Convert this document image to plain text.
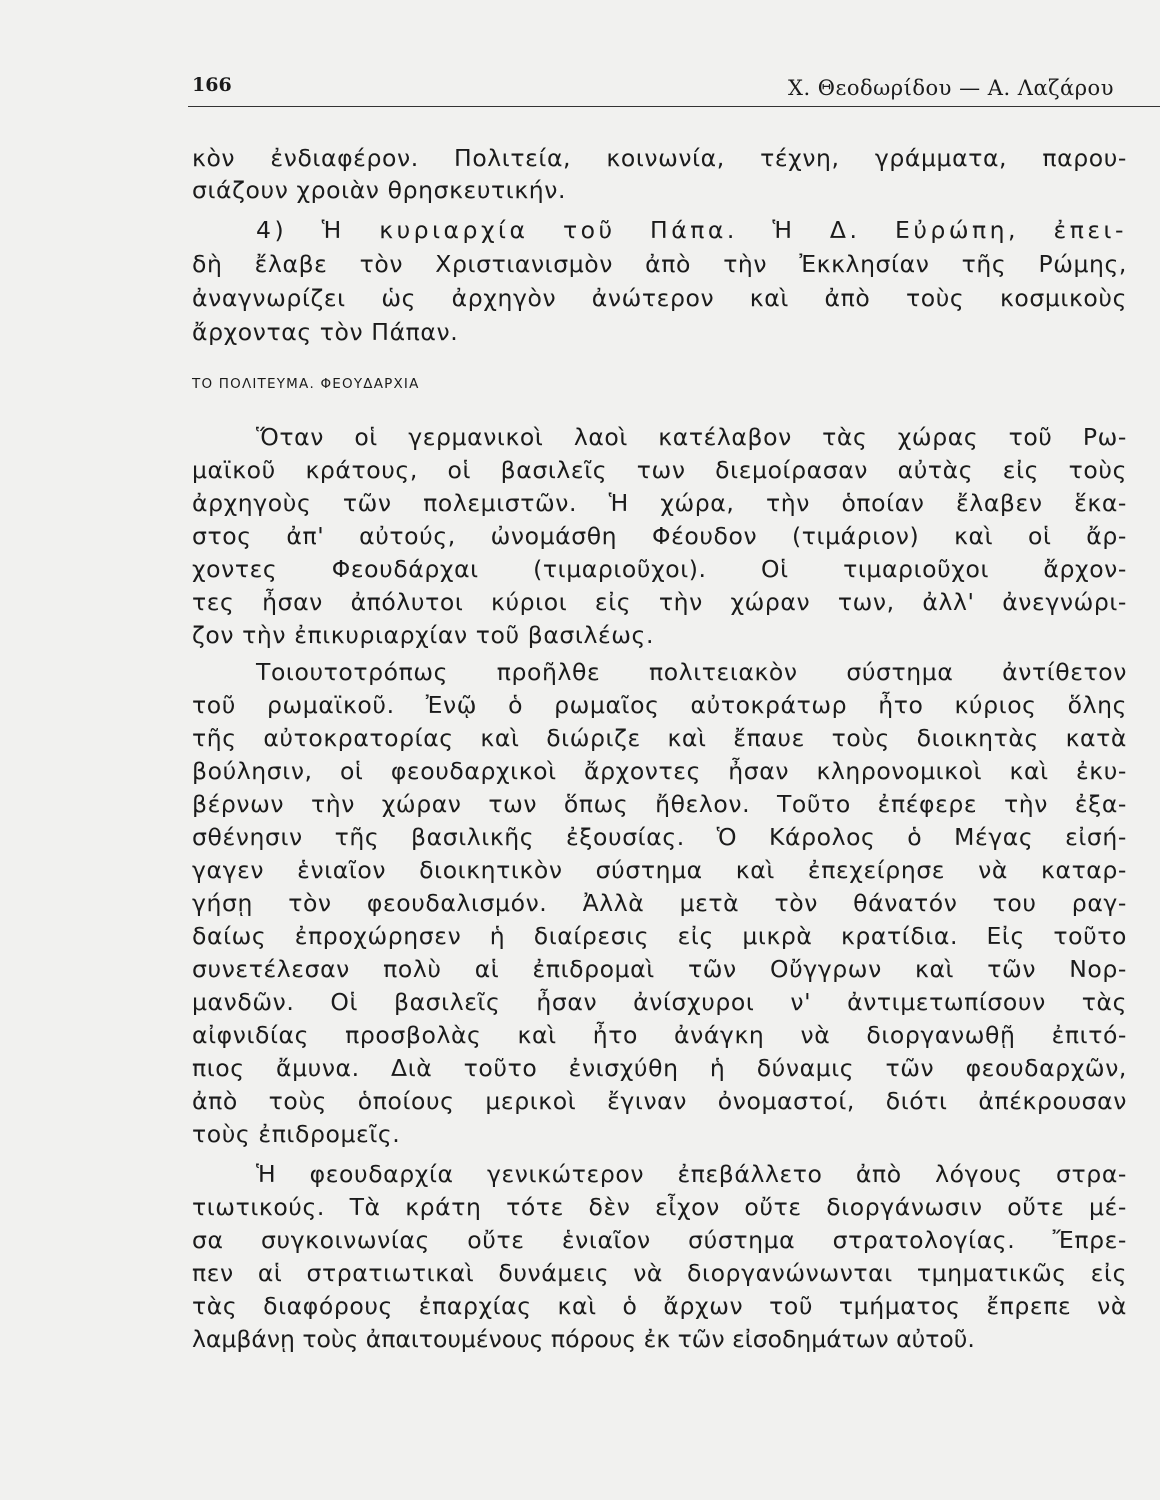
166	Χ. Θεοδωρίδου — Α. Λαζάρου
κὸν ἐνδιαφέρον. Πολιτεία, κοινωνία, τέχνη, γράμματα, παρου-
σιάζουν χροιὰν θρησκευτικήν.
4) Ἡ κυριαρχία τοῦ Πάπα. Ἡ Δ. Εὐρώπη, ἐπει-
δὴ ἔλαβε τὸν Χριστιανισμὸν ἀπὸ τὴν Ἐκκλησίαν τῆς Ρώμης,
ἀναγνωρίζει ὡς ἀρχηγὸν ἀνώτερον καὶ ἀπὸ τοὺς κοσμικοὺς
ἄρχοντας τὸν Πάπαν.
ΤΟ ΠΟΛΙΤΕΥΜΑ. ΦΕΟΥΔΑΡΧΙΑ
Ὅταν οἱ γερμανικοὶ λαοὶ κατέλαβον τὰς χώρας τοῦ Ρω-
μαϊκοῦ κράτους, οἱ βασιλεῖς των διεμοίρασαν αὐτὰς εἰς τοὺς
ἀρχηγοὺς τῶν πολεμιστῶν. Ἡ χώρα, τὴν ὁποίαν ἔλαβεν ἕκα-
στος ἀπ' αὐτούς, ὠνομάσθη Φέουδον (τιμάριον) καὶ οἱ ἄρ-
χοντες Φεουδάρχαι (τιμαριοῦχοι). Οἱ τιμαριοῦχοι ἄρχον-
τες ἦσαν ἀπόλυτοι κύριοι εἰς τὴν χώραν των, ἀλλ' ἀνεγνώρι-
ζον τὴν ἐπικυριαρχίαν τοῦ βασιλέως.
Τοιουτοτρόπως προῆλθε πολιτειακὸν σύστημα ἀντίθετον
τοῦ ρωμαϊκοῦ. Ἐνῷ ὁ ρωμαῖος αὐτοκράτωρ ἦτο κύριος ὅλης
τῆς αὐτοκρατορίας καὶ διώριζε καὶ ἔπαυε τοὺς διοικητὰς κατὰ
βούλησιν, οἱ φεουδαρχικοὶ ἄρχοντες ἦσαν κληρονομικοὶ καὶ ἐκυ-
βέρνων τὴν χώραν των ὅπως ἤθελον. Τοῦτο ἐπέφερε τὴν ἐξα-
σθένησιν τῆς βασιλικῆς ἐξουσίας. Ὁ Κάρολος ὁ Μέγας εἰσή-
γαγεν ἑνιαῖον διοικητικὸν σύστημα καὶ ἐπεχείρησε νὰ καταρ-
γήσῃ τὸν φεουδαλισμόν. Ἀλλὰ μετὰ τὸν θάνατόν του ραγ-
δαίως ἐπροχώρησεν ἡ διαίρεσις εἰς μικρὰ κρατίδια. Εἰς τοῦτο
συνετέλεσαν πολὺ αἱ ἐπιδρομαὶ τῶν Οὔγγρων καὶ τῶν Νορ-
μανδῶν. Οἱ βασιλεῖς ἦσαν ἀνίσχυροι ν' ἀντιμετωπίσουν τὰς
αἰφνιδίας προσβολὰς καὶ ἦτο ἀνάγκη νὰ διοργανωθῇ ἐπιτό-
πιος ἄμυνα. Διὰ τοῦτο ἐνισχύθη ἡ δύναμις τῶν φεουδαρχῶν,
ἀπὸ τοὺς ὁποίους μερικοὶ ἔγιναν ὀνομαστοί, διότι ἀπέκρουσαν
τοὺς ἐπιδρομεῖς.
Ἡ φεουδαρχία γενικώτερον ἐπεβάλλετο ἀπὸ λόγους στρα-
τιωτικούς. Τὰ κράτη τότε δὲν εἶχον οὔτε διοργάνωσιν οὔτε μέ-
σα συγκοινωνίας οὔτε ἑνιαῖον σύστημα στρατολογίας. Ἔπρε-
πεν αἱ στρατιωτικαὶ δυνάμεις νὰ διοργανώνωνται τμηματικῶς εἰς
τὰς διαφόρους ἐπαρχίας καὶ ὁ ἄρχων τοῦ τμήματος ἔπρεπε νὰ
λαμβάνῃ τοὺς ἀπαιτουμένους πόρους ἐκ τῶν εἰσοδημάτων αὐτοῦ.
